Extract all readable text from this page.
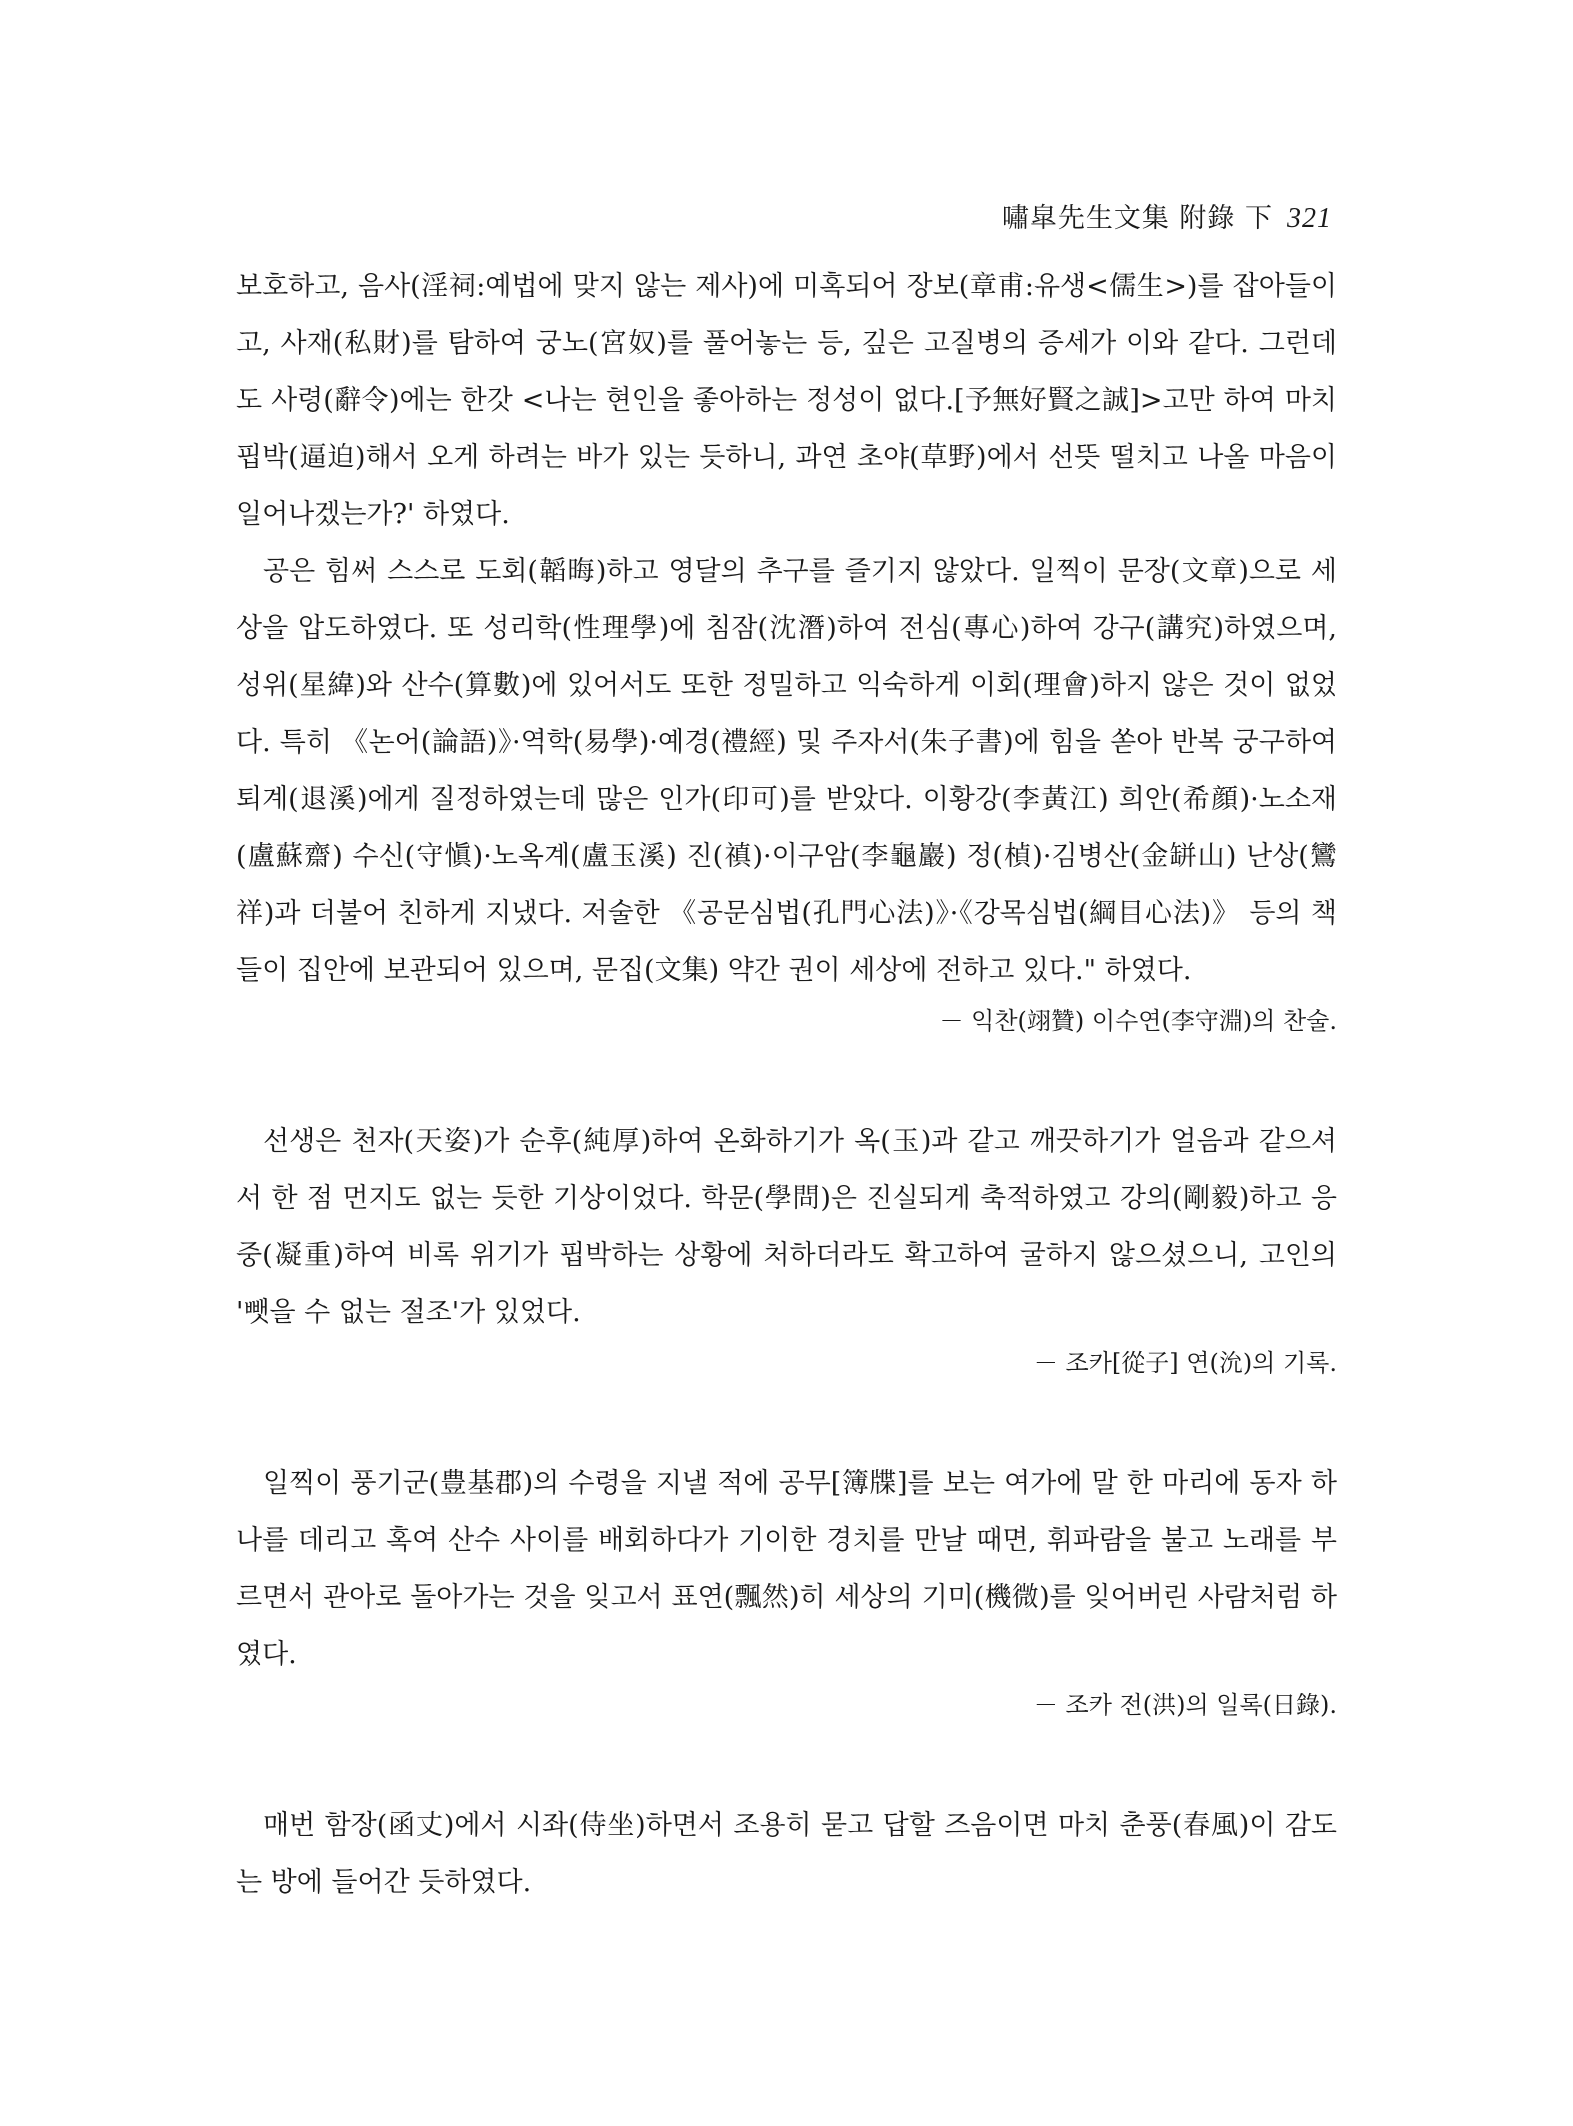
嘯皐先生文集 附錄 下 321

보호하고, 음사(淫祠:예법에 맞지 않는 제사)에 미혹되어 장보(章甫:유생<儒生>)를 잡아들이고, 사재(私財)를 탐하여 궁노(宮奴)를 풀어놓는 등, 깊은 고질병의 증세가 이와 같다. 그런데도 사령(辭令)에는 한갓 <나는 현인을 좋아하는 정성이 없다.[予無好賢之誠]>고만 하여 마치 핍박(逼迫)해서 오게 하려는 바가 있는 듯하니, 과연 초야(草野)에서 선뜻 떨치고 나올 마음이 일어나겠는가?' 하였다.

공은 힘써 스스로 도회(韜晦)하고 영달의 추구를 즐기지 않았다. 일찍이 문장(文章)으로 세상을 압도하였다. 또 성리학(性理學)에 침잠(沈潛)하여 전심(專心)하여 강구(講究)하였으며, 성위(星緯)와 산수(算數)에 있어서도 또한 정밀하고 익숙하게 이회(理會)하지 않은 것이 없었다. 특히 《논어(論語)》·역학(易學)·예경(禮經) 및 주자서(朱子書)에 힘을 쏟아 반복 궁구하여 퇴계(退溪)에게 질정하였는데 많은 인가(印可)를 받았다. 이황강(李黃江) 희안(希顔)·노소재(盧蘇齋) 수신(守愼)·노옥계(盧玉溪) 진(禛)·이구암(李龜巖) 정(楨)·김병산(金缾山) 난상(鸞祥)과 더불어 친하게 지냈다. 저술한 《공문심법(孔門心法)》·《강목심법(綱目心法)》 등의 책들이 집안에 보관되어 있으며, 문집(文集) 약간 권이 세상에 전하고 있다." 하였다.

－ 익찬(翊贊) 이수연(李守淵)의 찬술.

선생은 천자(天姿)가 순후(純厚)하여 온화하기가 옥(玉)과 같고 깨끗하기가 얼음과 같으셔서 한 점 먼지도 없는 듯한 기상이었다. 학문(學問)은 진실되게 축적하였고 강의(剛毅)하고 응중(凝重)하여 비록 위기가 핍박하는 상황에 처하더라도 확고하여 굴하지 않으셨으니, 고인의 '뺏을 수 없는 절조'가 있었다.

－ 조카[從子] 연(沇)의 기록.

일찍이 풍기군(豊基郡)의 수령을 지낼 적에 공무[簿牒]를 보는 여가에 말 한 마리에 동자 하나를 데리고 혹여 산수 사이를 배회하다가 기이한 경치를 만날 때면, 휘파람을 불고 노래를 부르면서 관아로 돌아가는 것을 잊고서 표연(飄然)히 세상의 기미(機微)를 잊어버린 사람처럼 하였다.

－ 조카 전(洪)의 일록(日錄).

매번 함장(函丈)에서 시좌(侍坐)하면서 조용히 묻고 답할 즈음이면 마치 춘풍(春風)이 감도는 방에 들어간 듯하였다.
